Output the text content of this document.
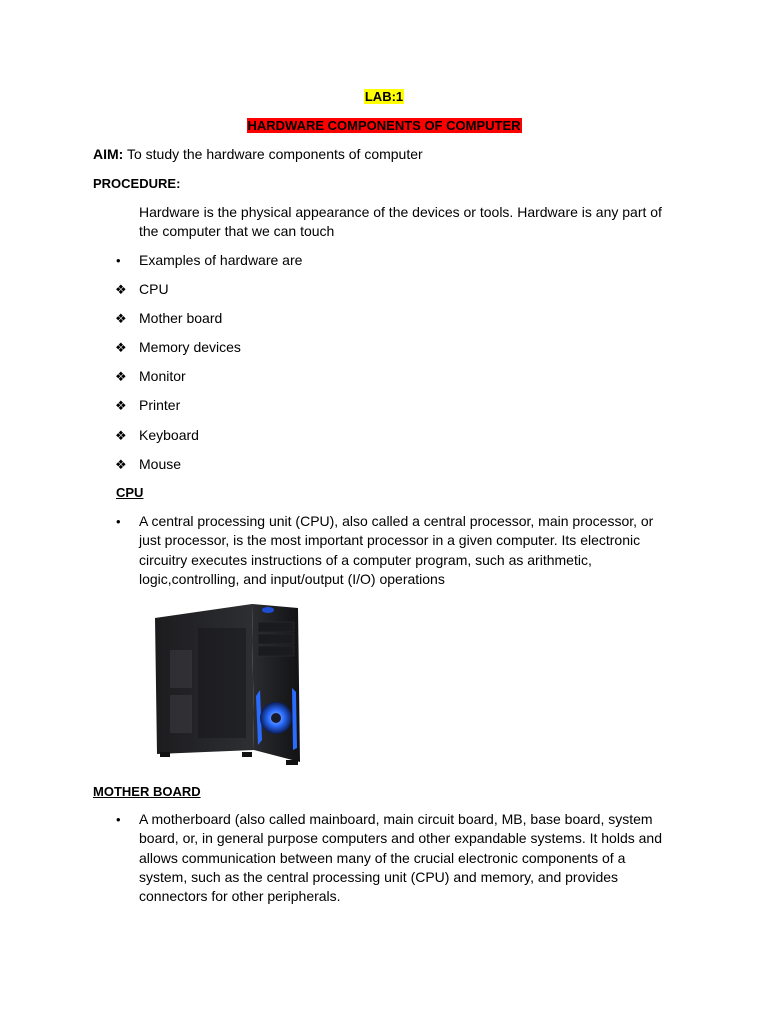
LAB:1
HARDWARE COMPONENTS OF COMPUTER
AIM: To study the hardware components of computer
PROCEDURE:
Hardware is the physical appearance of the devices or tools. Hardware is any part of the computer that we can touch
• Examples of hardware are
❖ CPU
❖ Mother board
❖ Memory devices
❖ Monitor
❖ Printer
❖ Keyboard
❖ Mouse
CPU
• A central processing unit (CPU), also called a central processor, main processor, or just processor, is the most important processor in a given computer. Its electronic circuitry executes instructions of a computer program, such as arithmetic, logic,controlling, and input/output (I/O) operations
MOTHER BOARD
• A motherboard (also called mainboard, main circuit board, MB, base board, system board, or, in general purpose computers and other expandable systems. It holds and allows communication between many of the crucial electronic components of a system, such as the central processing unit (CPU) and memory, and provides connectors for other peripherals.
